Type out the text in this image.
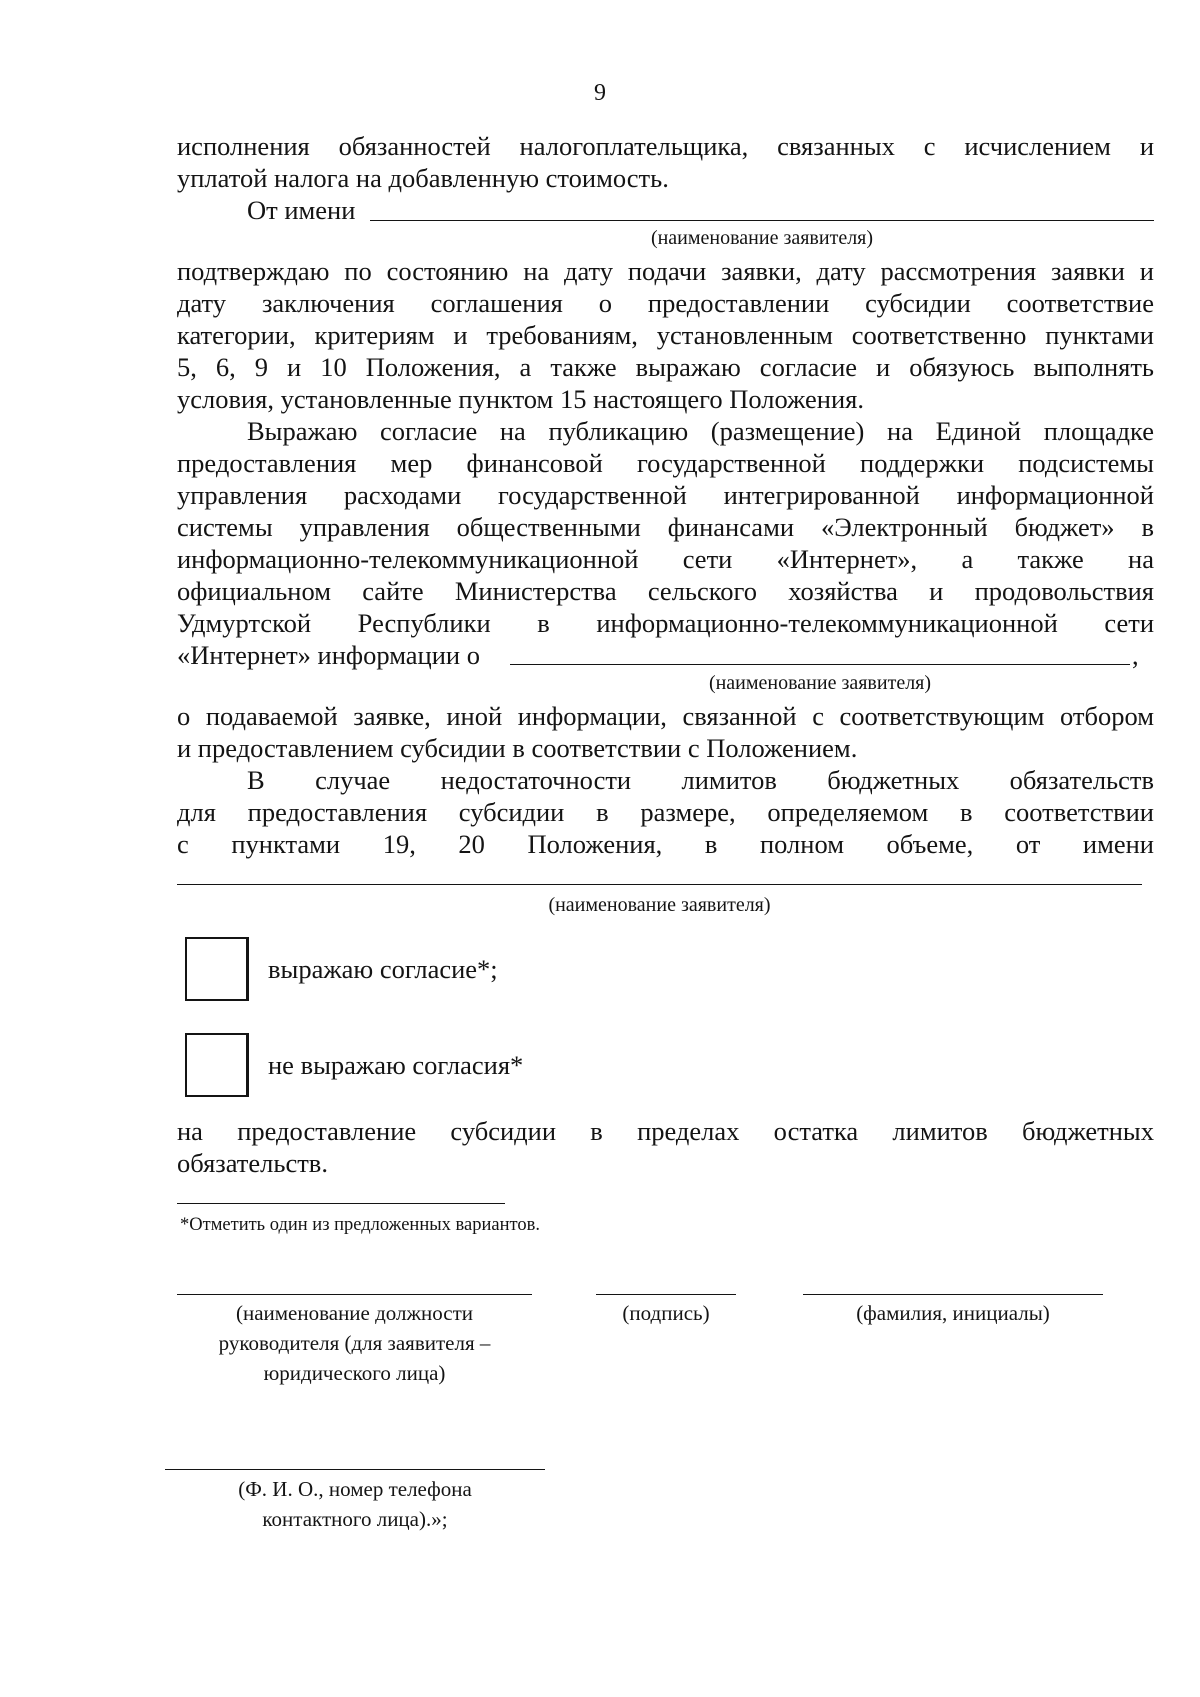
9
исполнения обязанностей налогоплательщика, связанных с исчислением и
уплатой налога на добавленную стоимость.
От имени
(наименование заявителя)
подтверждаю по состоянию на дату подачи заявки, дату рассмотрения заявки и
дату заключения соглашения о предоставлении субсидии соответствие
категории, критериям и требованиям, установленным соответственно пунктами
5, 6, 9 и 10 Положения, а также выражаю согласие и обязуюсь выполнять
условия, установленные пунктом 15 настоящего Положения.
Выражаю согласие на публикацию (размещение) на Единой площадке
предоставления мер финансовой государственной поддержки подсистемы
управления расходами государственной интегрированной информационной
системы управления общественными финансами «Электронный бюджет» в
информационно-телекоммуникационной сети «Интернет», а также на
официальном сайте Министерства сельского хозяйства и продовольствия
Удмуртской Республики в информационно-телекоммуникационной сети
«Интернет» информации о	,
(наименование заявителя)
о подаваемой заявке, иной информации, связанной с соответствующим отбором
и предоставлением субсидии в соответствии с Положением.
В случае недостаточности лимитов бюджетных обязательств
для предоставления субсидии в размере, определяемом в соответствии
с пунктами 19, 20 Положения, в полном объеме, от имени
(наименование заявителя)
выражаю согласие*;
не выражаю согласия*
на предоставление субсидии в пределах остатка лимитов бюджетных
обязательств.
*Отметить один из предложенных вариантов.
(наименование должности
руководителя (для заявителя –
юридического лица)
(подпись)	(фамилия, инициалы)
(Ф. И. О., номер телефона
контактного лица).»;
